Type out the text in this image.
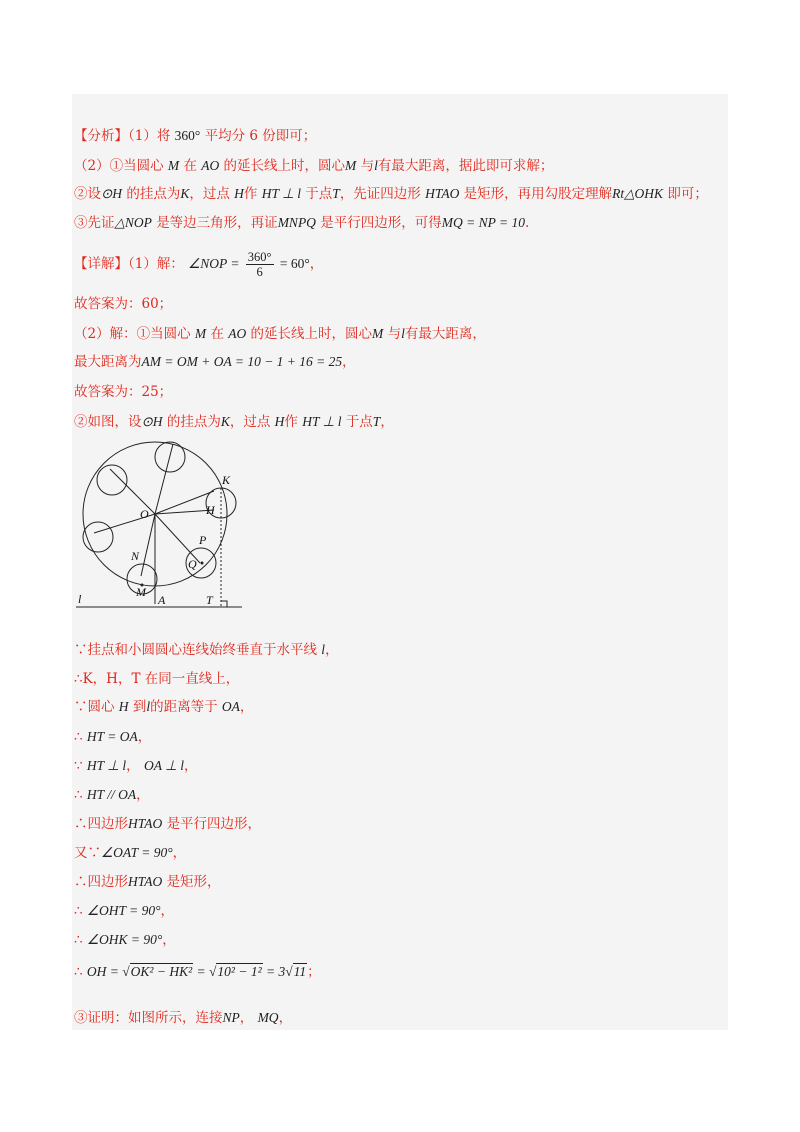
【分析】（1）将 360° 平均分 6 份即可；
（2）①当圆心 M 在 AO 的延长线上时，圆心M 与l有最大距离，据此即可求解；
②设⊙H 的挂点为K，过点 H作 HT ⊥ l 于点T，先证四边形 HTAO 是矩形，再用勾股定理解Rt△OHK 即可；
③先证△NOP 是等边三角形，再证MNPQ 是平行四边形，可得MQ = NP = 10.
【详解】（1）解： ∠NOP = $\frac{360^\circ}{6} = 60^\circ$，
故答案为：60；
（2）解：①当圆心 M 在 AO 的延长线上时，圆心M 与l有最大距离，
最大距离为AM = OM + OA = 10 − 1 + 16 = 25，
故答案为：25；
②如图，设⊙H 的挂点为K，过点 H作 HT ⊥ l 于点T，
K
O	H
P
Q
N
M
l	A	T
∵挂点和小圆圆心连线始终垂直于水平线 l，
∴K，H，T 在同一直线上，
∵圆心 H 到l的距离等于 OA，
∴ HT = OA，
∵ HT ⊥ l， OA ⊥ l，
∴ HT // OA，
∴四边形HTAO 是平行四边形，
又∵∠OAT = 90°，
∴四边形HTAO 是矩形，
∴ ∠OHT = 90°，
∴ ∠OHK = 90°，
∴ OH = √OK² − HK² = √10² − 1² = 3√11；
③证明：如图所示，连接NP， MQ，
